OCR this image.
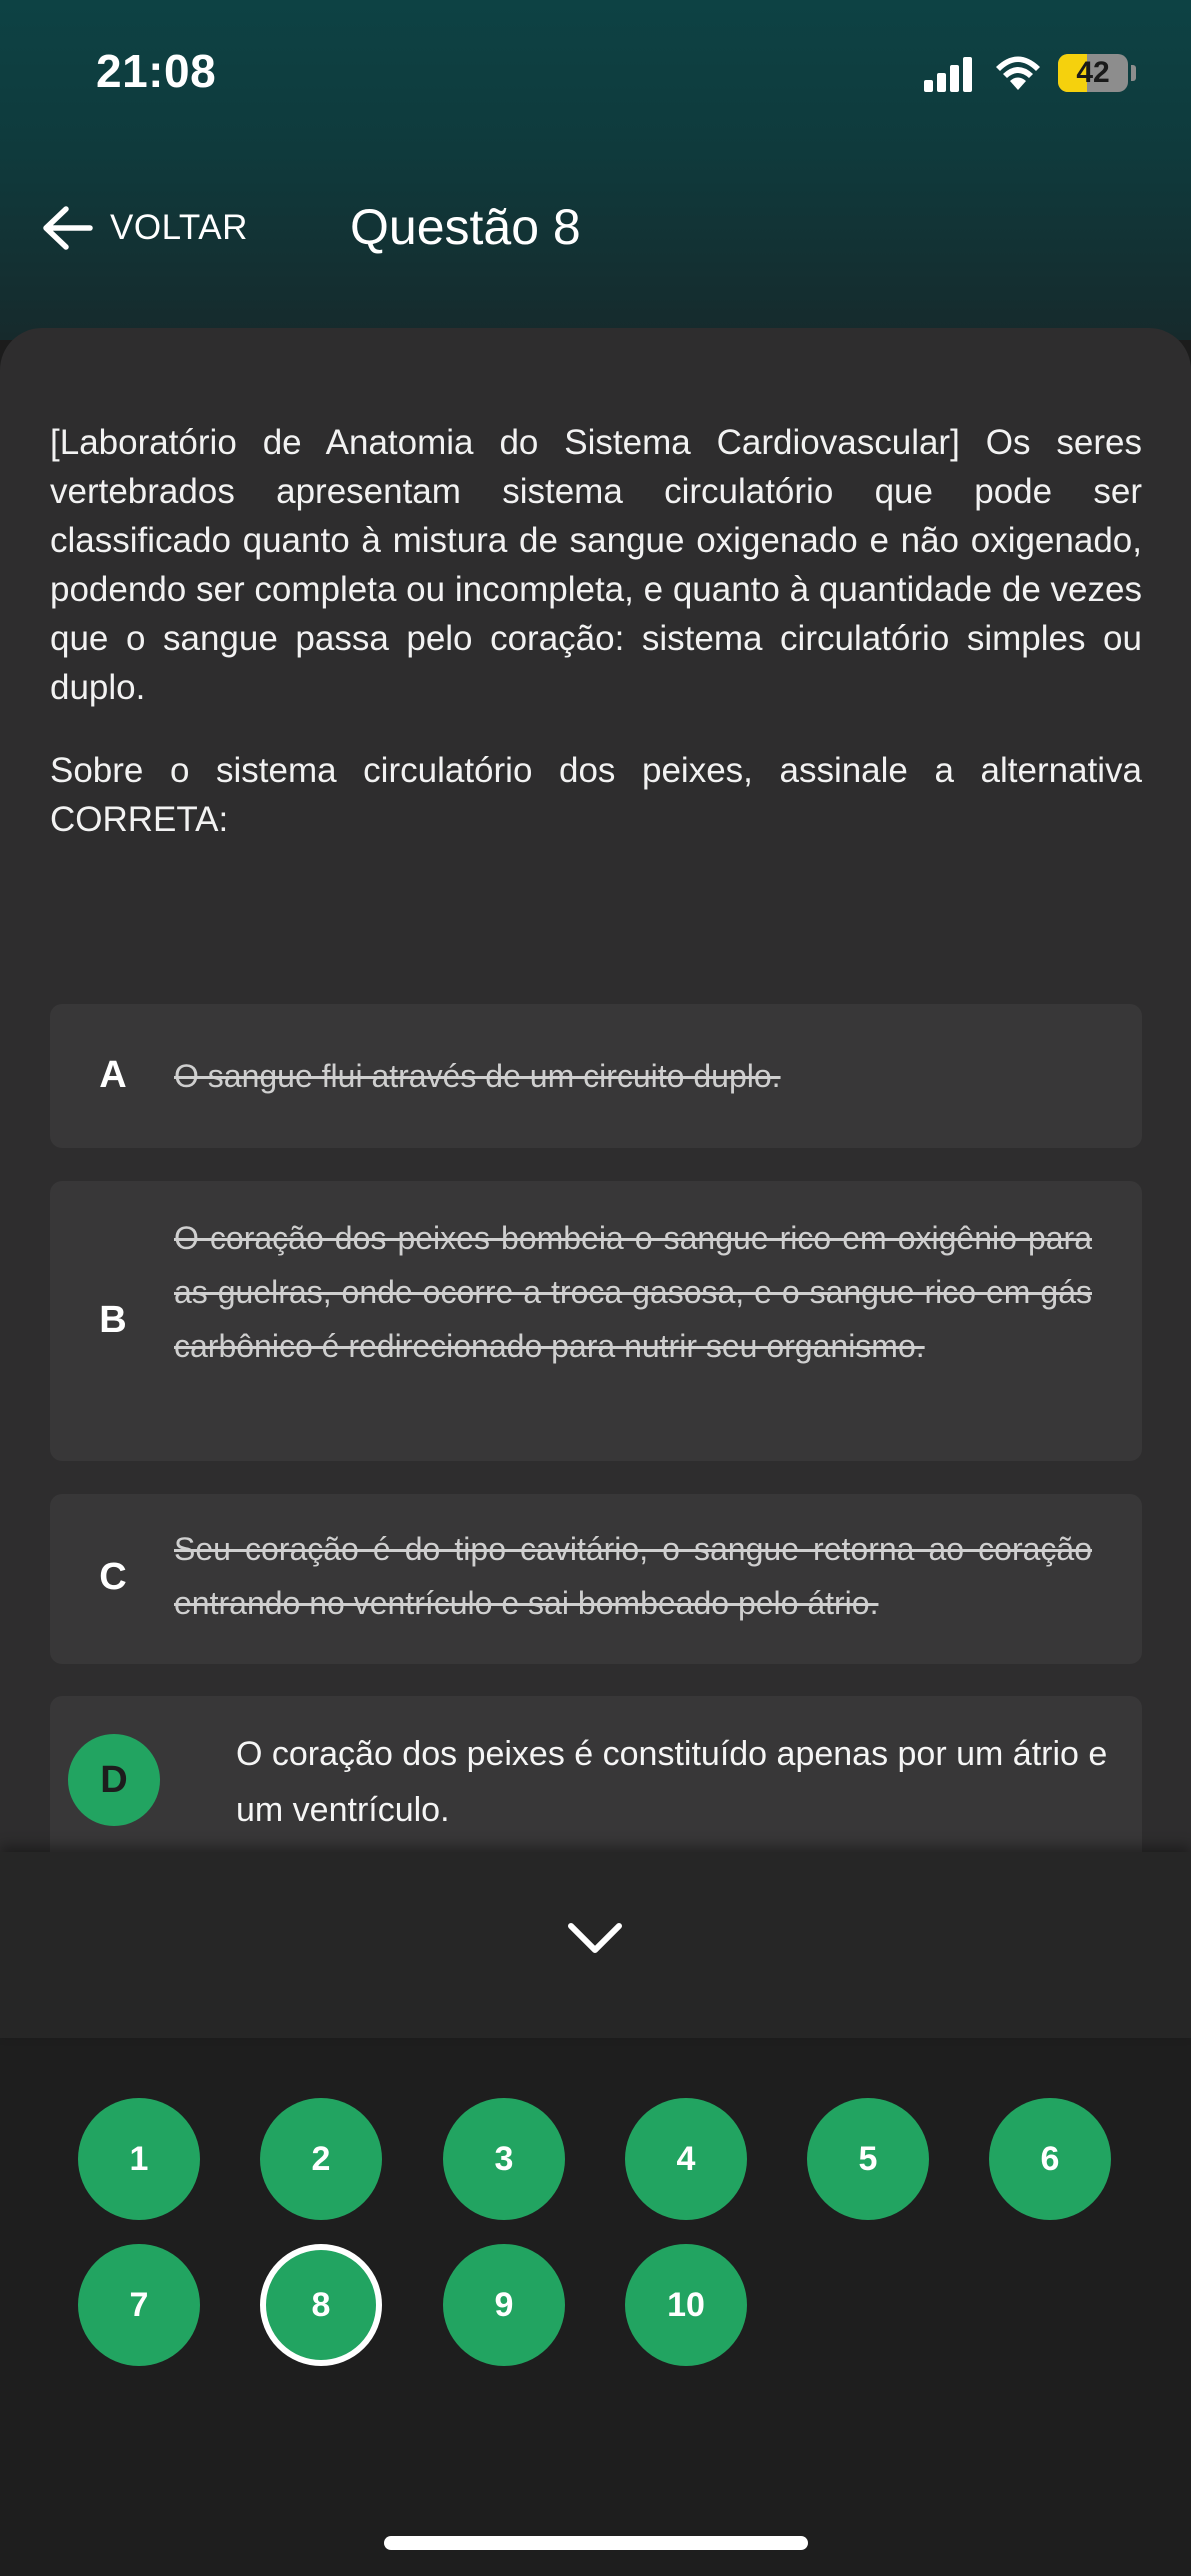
21:08	42
VOLTAR Questão 8

[Laboratório de Anatomia do Sistema Cardiovascular] Os seres vertebrados apresentam sistema circulatório que pode ser classificado quanto à mistura de sangue oxigenado e não oxigenado, podendo ser completa ou incompleta, e quanto à quantidade de vezes que o sangue passa pelo coração: sistema circulatório simples ou duplo.

Sobre o sistema circulatório dos peixes, assinale a alternativa CORRETA:

A	O sangue flui através de um circuito duplo.
B
O coração dos peixes bombeia o sangue rico em oxigênio para as guelras, onde ocorre a troca gasosa, e o sangue rico em gás carbônico é redirecionado para nutrir seu organismo.
C
Seu coração é do tipo cavitário, o sangue retorna ao coração entrando no ventrículo e sai bombeado pelo átrio.
D
O coração dos peixes é constituído apenas por um átrio e um ventrículo.
1	2	3	4	5	6
7	8	9	10
